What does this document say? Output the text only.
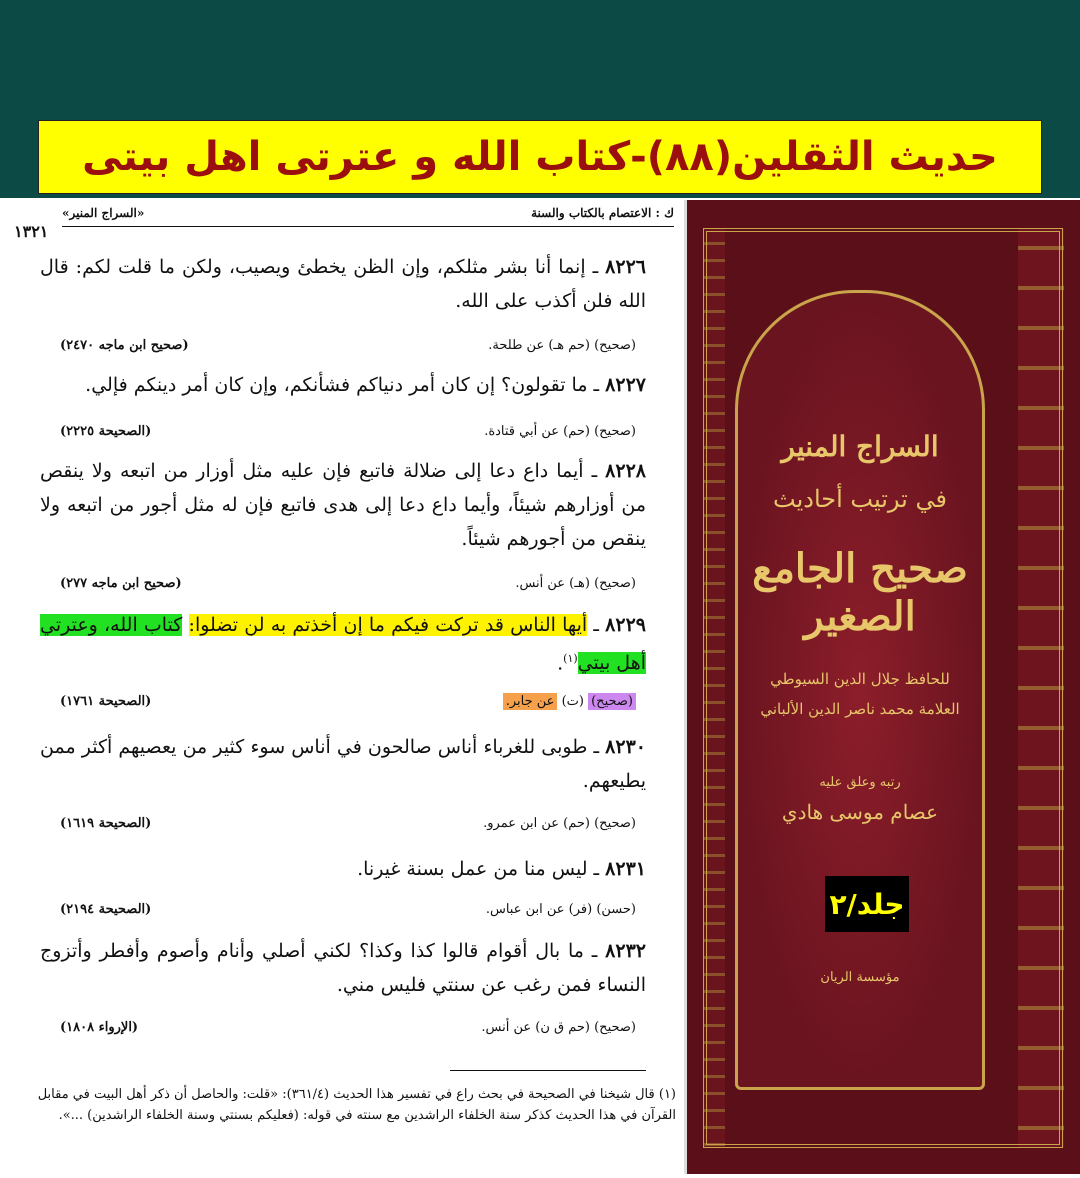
حدیث الثقلین(۸۸)-کتاب الله و عترتی اهل بیتی
ك : الاعتصام بالكتاب والسنة
«السراج المنير»
١٣٢١
٨٢٢٦ ـ إنما أنا بشر مثلكم، وإن الظن يخطئ ويصيب، ولكن ما قلت لكم: قال الله فلن أكذب على الله.
(صحيح) (حم هـ) عن طلحة.
(صحيح ابن ماجه ٢٤٧٠)
٨٢٢٧ ـ ما تقولون؟ إن كان أمر دنياكم فشأنكم، وإن كان أمر دينكم فإلي.
(صحيح) (حم) عن أبي قتادة.
(الصحيحة ٢٢٢٥)
٨٢٢٨ ـ أيما داع دعا إلى ضلالة فاتبع فإن عليه مثل أوزار من اتبعه ولا ينقص من أوزارهم شيئاً، وأيما داع دعا إلى هدى فاتبع فإن له مثل أجور من اتبعه ولا ينقص من أجورهم شيئاً.
(صحيح) (هـ) عن أنس.
(صحيح ابن ماجه ٢٧٧)
٨٢٢٩ ـ أيها الناس قد تركت فيكم ما إن أخذتم به لن تضلوا: كتاب الله، وعترتي أهل بيتي$^{(١)}$.
(صحيح) (ت) عن جابر.
(الصحيحة ١٧٦١)
٨٢٣٠ ـ طوبى للغرباء أناس صالحون في أناس سوء كثير من يعصيهم أكثر ممن يطيعهم.
(صحيح) (حم) عن ابن عمرو.
(الصحيحة ١٦١٩)
٨٢٣١ ـ ليس منا من عمل بسنة غيرنا.
(حسن) (فر) عن ابن عباس.
(الصحيحة ٢١٩٤)
٨٢٣٢ ـ ما بال أقوام قالوا كذا وكذا؟ لكني أصلي وأنام وأصوم وأفطر وأتزوج النساء فمن رغب عن سنتي فليس مني.
(صحيح) (حم ق ن) عن أنس.
(الإرواء ١٨٠٨)
(١) قال شيخنا في الصحيحة في بحث راع في تفسير هذا الحديث (٣٦١/٤): «قلت: والحاصل أن ذكر أهل البيت في مقابل القرآن في هذا الحديث كذكر سنة الخلفاء الراشدين مع سنته في قوله: (فعليكم بسنتي وسنة الخلفاء الراشدين) ...».
السراج المنير
في ترتيب أحاديث
صحيح الجامع الصغير
للحافظ جلال الدين السيوطي
العلامة محمد ناصر الدين الألباني
رتبه وعلق عليه
عصام موسى هادي
مؤسسة الريان
جلد/۲
